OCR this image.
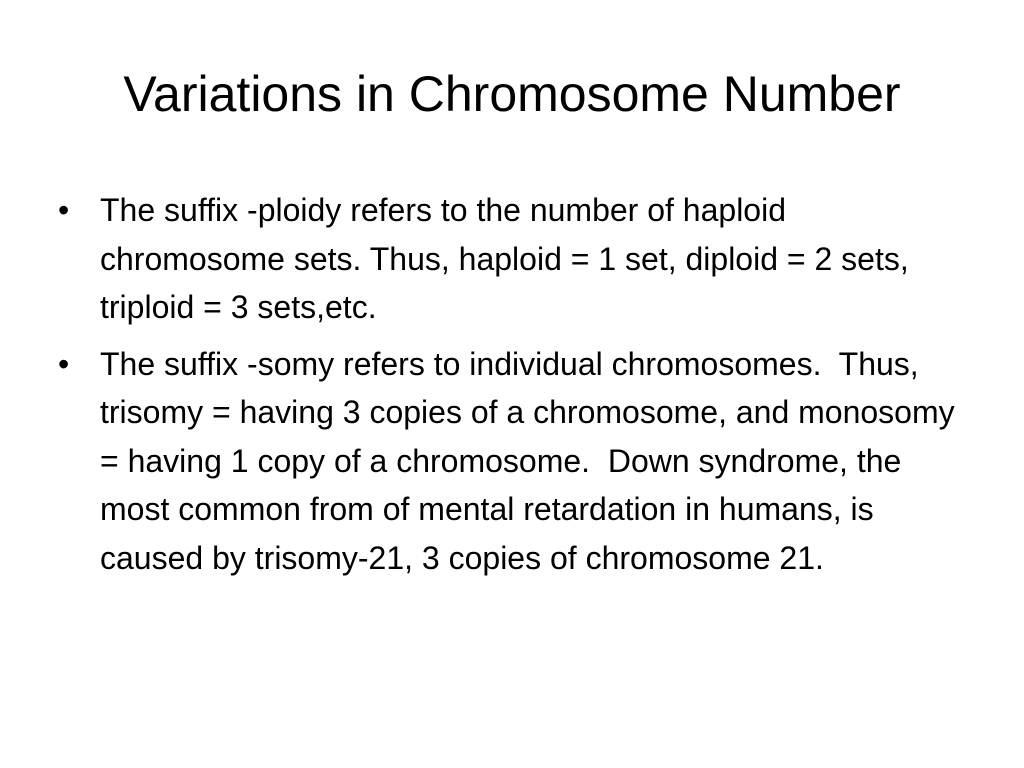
Variations in Chromosome Number
• The suffix -ploidy refers to the number of haploid chromosome sets. Thus, haploid = 1 set, diploid = 2 sets, triploid = 3 sets,etc.
• The suffix -somy refers to individual chromosomes.  Thus, trisomy = having 3 copies of a chromosome, and monosomy = having 1 copy of a chromosome.  Down syndrome, the most common from of mental retardation in humans, is caused by trisomy-21, 3 copies of chromosome 21.
